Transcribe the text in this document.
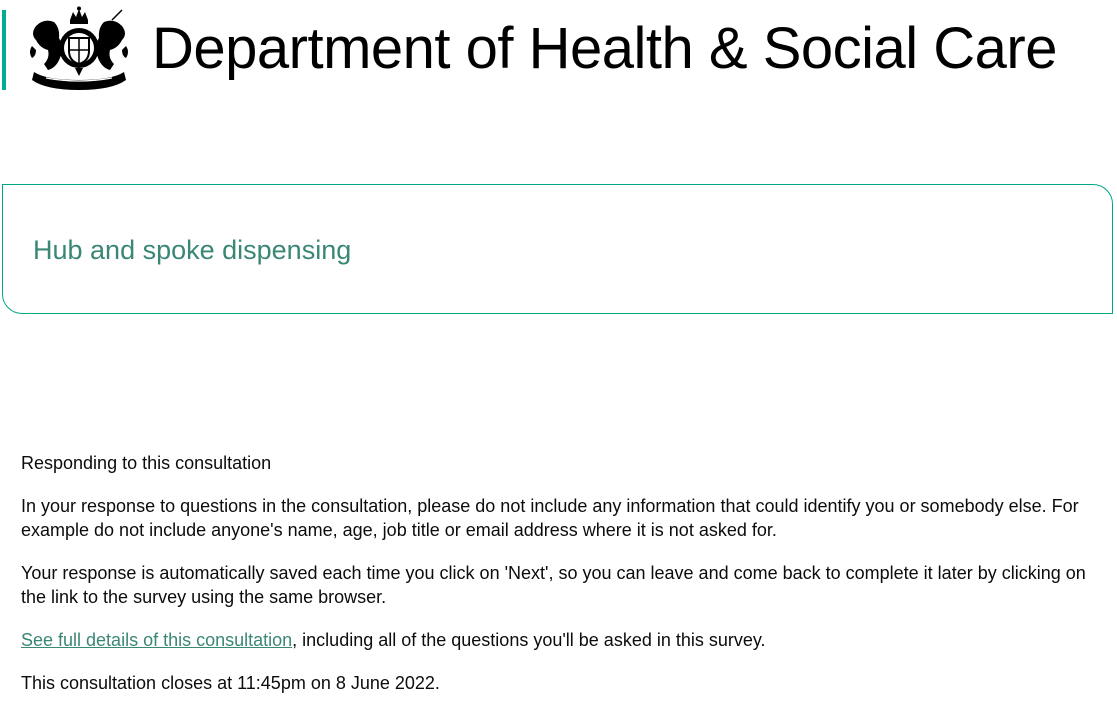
Department of Health & Social Care
Hub and spoke dispensing

Responding to this consultation

In your response to questions in the consultation, please do not include any information that could identify you or somebody else. For example do not include anyone's name, age, job title or email address where it is not asked for.

Your response is automatically saved each time you click on 'Next', so you can leave and come back to complete it later by clicking on the link to the survey using the same browser.

See full details of this consultation, including all of the questions you'll be asked in this survey.

This consultation closes at 11:45pm on 8 June 2022.
